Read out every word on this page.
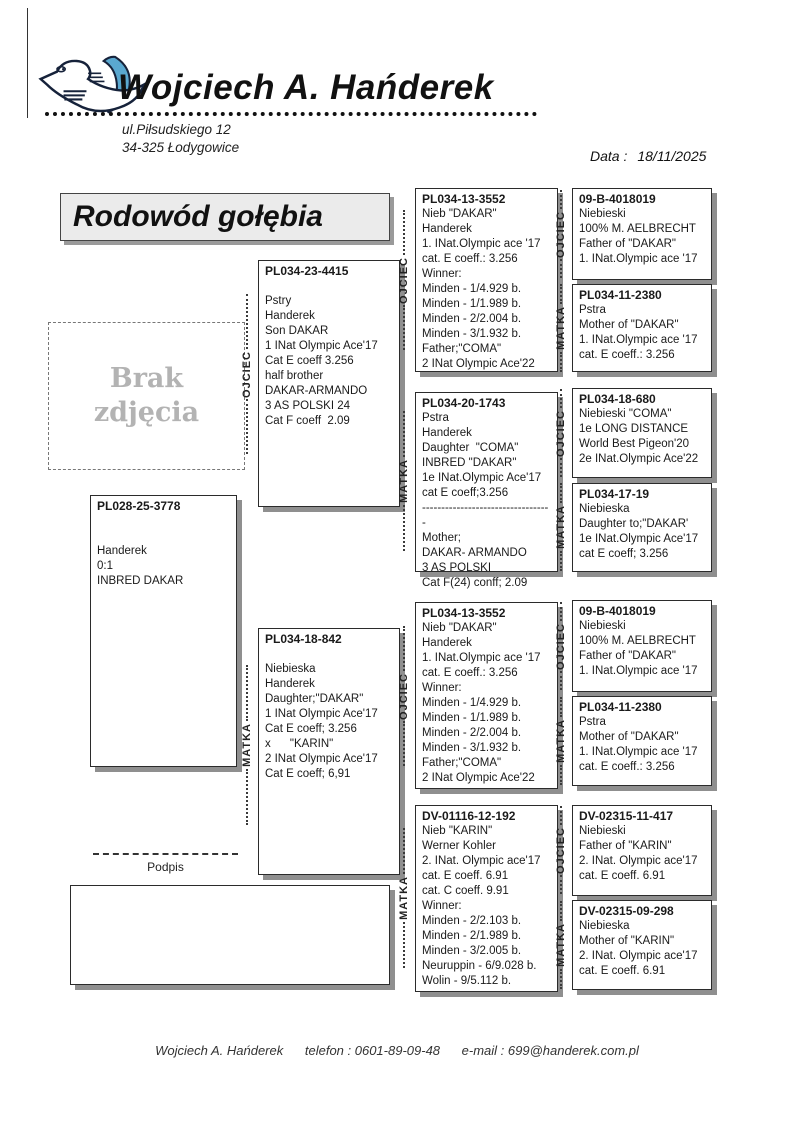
Wojciech A. Hańderek
ul.Piłsudskiego 12
34-325 Łodygowice
Data : 18/11/2025
Rodowód gołębia
Brak zdjęcia
PL028-25-3778
Handerek
0:1
INBRED DAKAR
PL034-23-4415
Pstry
Handerek
Son DAKAR
1 INat Olympic Ace'17
Cat E coeff 3.256
half brother
DAKAR-ARMANDO
3 AS POLSKI 24
Cat F coeff  2.09
PL034-18-842
Niebieska
Handerek
Daughter;"DAKAR"
1 INat Olympic Ace'17
Cat E coeff; 3.256
x      "KARIN"
2 INat Olympic Ace'17
Cat E coeff; 6,91
PL034-13-3552
Nieb "DAKAR"
Handerek
1. INat.Olympic ace '17
cat. E coeff.: 3.256
Winner:
Minden - 1/4.929 b.
Minden - 1/1.989 b.
Minden - 2/2.004 b.
Minden - 3/1.932 b.
Father;"COMA"
2 INat Olympic Ace'22
PL034-20-1743
Pstra
Handerek
Daughter  "COMA"
INBRED "DAKAR"
1e INat.Olympic Ace'17
cat E coeff;3.256
----------------------------------
Mother;
DAKAR- ARMANDO
3 AS POLSKI
Cat F(24) conff; 2.09
PL034-13-3552
Nieb "DAKAR"
Handerek
1. INat.Olympic ace '17
cat. E coeff.: 3.256
Winner:
Minden - 1/4.929 b.
Minden - 1/1.989 b.
Minden - 2/2.004 b.
Minden - 3/1.932 b.
Father;"COMA"
2 INat Olympic Ace'22
DV-01116-12-192
Nieb "KARIN"
Werner Kohler
2. INat. Olympic ace'17
cat. E coeff. 6.91
cat. C coeff. 9.91
Winner:
Minden - 2/2.103 b.
Minden - 2/1.989 b.
Minden - 3/2.005 b.
Neuruppin - 6/9.028 b.
Wolin - 9/5.112 b.
09-B-4018019
Niebieski
100% M. AELBRECHT
Father of "DAKAR"
1. INat.Olympic ace '17
PL034-11-2380
Pstra
Mother of "DAKAR"
1. INat.Olympic ace '17
cat. E coeff.: 3.256
PL034-18-680
Niebieski "COMA"
1e LONG DISTANCE
World Best Pigeon'20
2e INat.Olympic Ace'22
PL034-17-19
Niebieska
Daughter to;"DAKAR'
1e INat.Olympic Ace'17
cat E coeff; 3.256
09-B-4018019
Niebieski
100% M. AELBRECHT
Father of "DAKAR"
1. INat.Olympic ace '17
PL034-11-2380
Pstra
Mother of "DAKAR"
1. INat.Olympic ace '17
cat. E coeff.: 3.256
DV-02315-11-417
Niebieski
Father of "KARIN"
2. INat. Olympic ace'17
cat. E coeff. 6.91
DV-02315-09-298
Niebieska
Mother of "KARIN"
2. INat. Olympic ace'17
cat. E coeff. 6.91
OJCIEC
MATKA
OJCIEC
MATKA
OJCIEC
MATKA
OJCIEC
MATKA
OJCIEC
MATKA
OJCIEC
MATKA
OJCIEC
MATKA
Podpis
Wojciech A. Hańderek telefon : 0601-89-09-48 e-mail : 699@handerek.com.pl
